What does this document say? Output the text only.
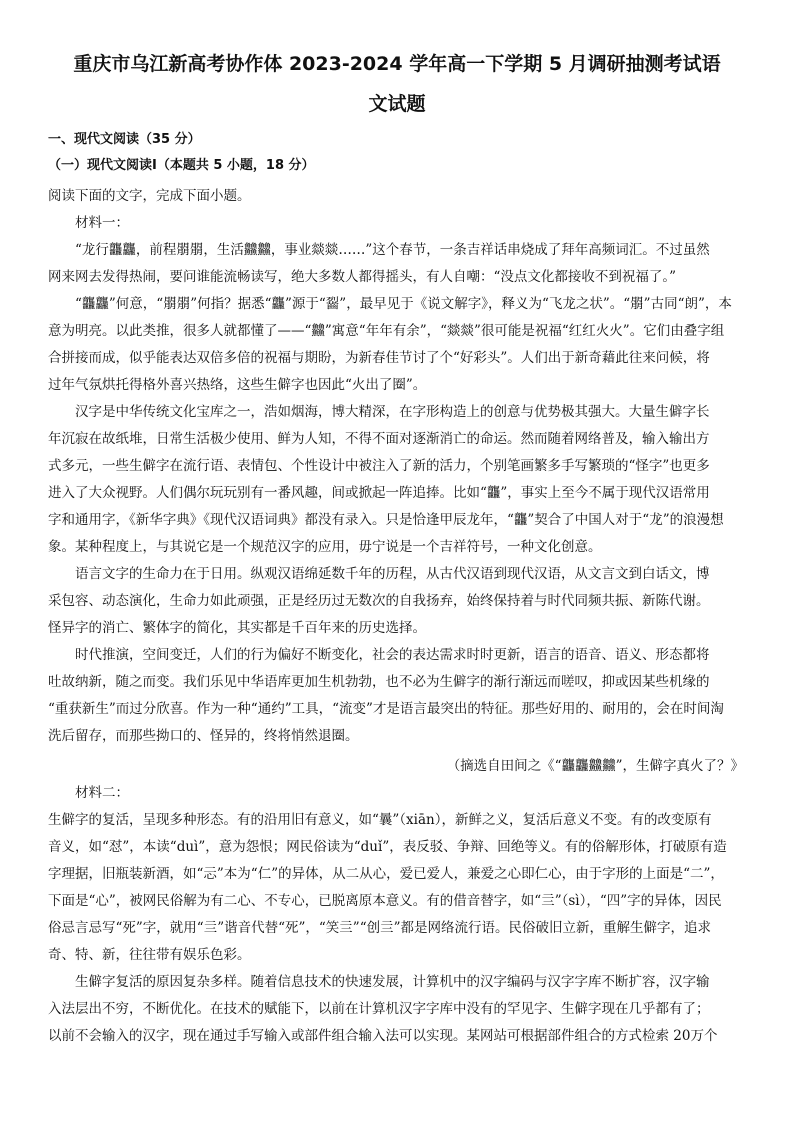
重庆市乌江新高考协作体 2023-2024 学年高一下学期 5 月调研抽测考试语
文试题
一、现代文阅读（35 分）
（一）现代文阅读Ⅰ（本题共 5 小题，18 分）
阅读下面的文字，完成下面小题。
材料一：
“龙行龘龘，前程朤朤，生活䲜䲜，事业燚燚……”这个春节，一条吉祥话串烧成了拜年高频词汇。不过虽然
网来网去发得热闹，要问谁能流畅读写，绝大多数人都得摇头，有人自嘲：“没点文化都接收不到祝福了。”
“龘龘”何意，“朤朤”何指？据悉“龘”源于“䶛”，最早见于《说文解字》，释义为“飞龙之状”。“朤”古同“朗”，本
意为明亮。以此类推，很多人就都懂了——“䲜”寓意“年年有余”，“燚燚”很可能是祝福“红红火火”。它们由叠字组
合拼接而成，似乎能表达双倍多倍的祝福与期盼，为新春佳节讨了个“好彩头”。人们出于新奇藉此往来问候，将
过年气氛烘托得格外喜兴热络，这些生僻字也因此“火出了圈”。
汉字是中华传统文化宝库之一，浩如烟海，博大精深，在字形构造上的创意与优势极其强大。大量生僻字长
年沉寂在故纸堆，日常生活极少使用、鲜为人知，不得不面对逐渐消亡的命运。然而随着网络普及，输入输出方
式多元，一些生僻字在流行语、表情包、个性设计中被注入了新的活力，个别笔画繁多手写繁琐的“怪字”也更多
进入了大众视野。人们偶尔玩玩别有一番风趣，间或掀起一阵追捧。比如“龘”，事实上至今不属于现代汉语常用
字和通用字，《新华字典》《现代汉语词典》都没有录入。只是恰逢甲辰龙年，“龘”契合了中国人对于“龙”的浪漫想
象。某种程度上，与其说它是一个规范汉字的应用，毋宁说是一个吉祥符号，一种文化创意。
语言文字的生命力在于日用。纵观汉语绵延数千年的历程，从古代汉语到现代汉语，从文言文到白话文，博
采包容、动态演化，生命力如此顽强，正是经历过无数次的自我扬弃，始终保持着与时代同频共振、新陈代谢。
怪异字的消亡、繁体字的简化，其实都是千百年来的历史选择。
时代推演，空间变迁，人们的行为偏好不断变化，社会的表达需求时时更新，语言的语音、语义、形态都将
吐故纳新，随之而变。我们乐见中华语库更加生机勃勃，也不必为生僻字的渐行渐远而嗟叹，抑或因某些机缘的
“重获新生”而过分欣喜。作为一种“通约”工具，“流变”才是语言最突出的特征。那些好用的、耐用的，会在时间淘
洗后留存，而那些拗口的、怪异的，终将悄然退圈。
（摘选自田间之《“龘龘䲜䲜”，生僻字真火了？》
材料二：
生僻字的复活，呈现多种形态。有的沿用旧有意义，如“曩”（xiān），新鲜之义，复活后意义不变。有的改变原有
音义，如“怼”，本读“duì”，意为怨恨；网民俗读为“duǐ”，表反驳、争辩、回绝等义。有的俗解形体，打破原有造
字理据，旧瓶装新酒，如“忈”本为“仁”的异体，从二从心，爱已爱人，兼爱之心即仁心，由于字形的上面是“二”，
下面是“心”，被网民俗解为有二心、不专心，已脱离原本意义。有的借音替字，如“亖”（sì），“四”字的异体，因民
俗忌言忌写“死”字，就用“亖”谐音代替“死”，“笑亖”“创亖”都是网络流行语。民俗破旧立新，重解生僻字，追求
奇、特、新，往往带有娱乐色彩。
生僻字复活的原因复杂多样。随着信息技术的快速发展，计算机中的汉字编码与汉字字库不断扩容，汉字输
入法层出不穷，不断优化。在技术的赋能下，以前在计算机汉字字库中没有的罕见字、生僻字现在几乎都有了；
以前不会输入的汉字，现在通过手写输入或部件组合输入法可以实现。某网站可根据部件组合的方式检索 20万个
